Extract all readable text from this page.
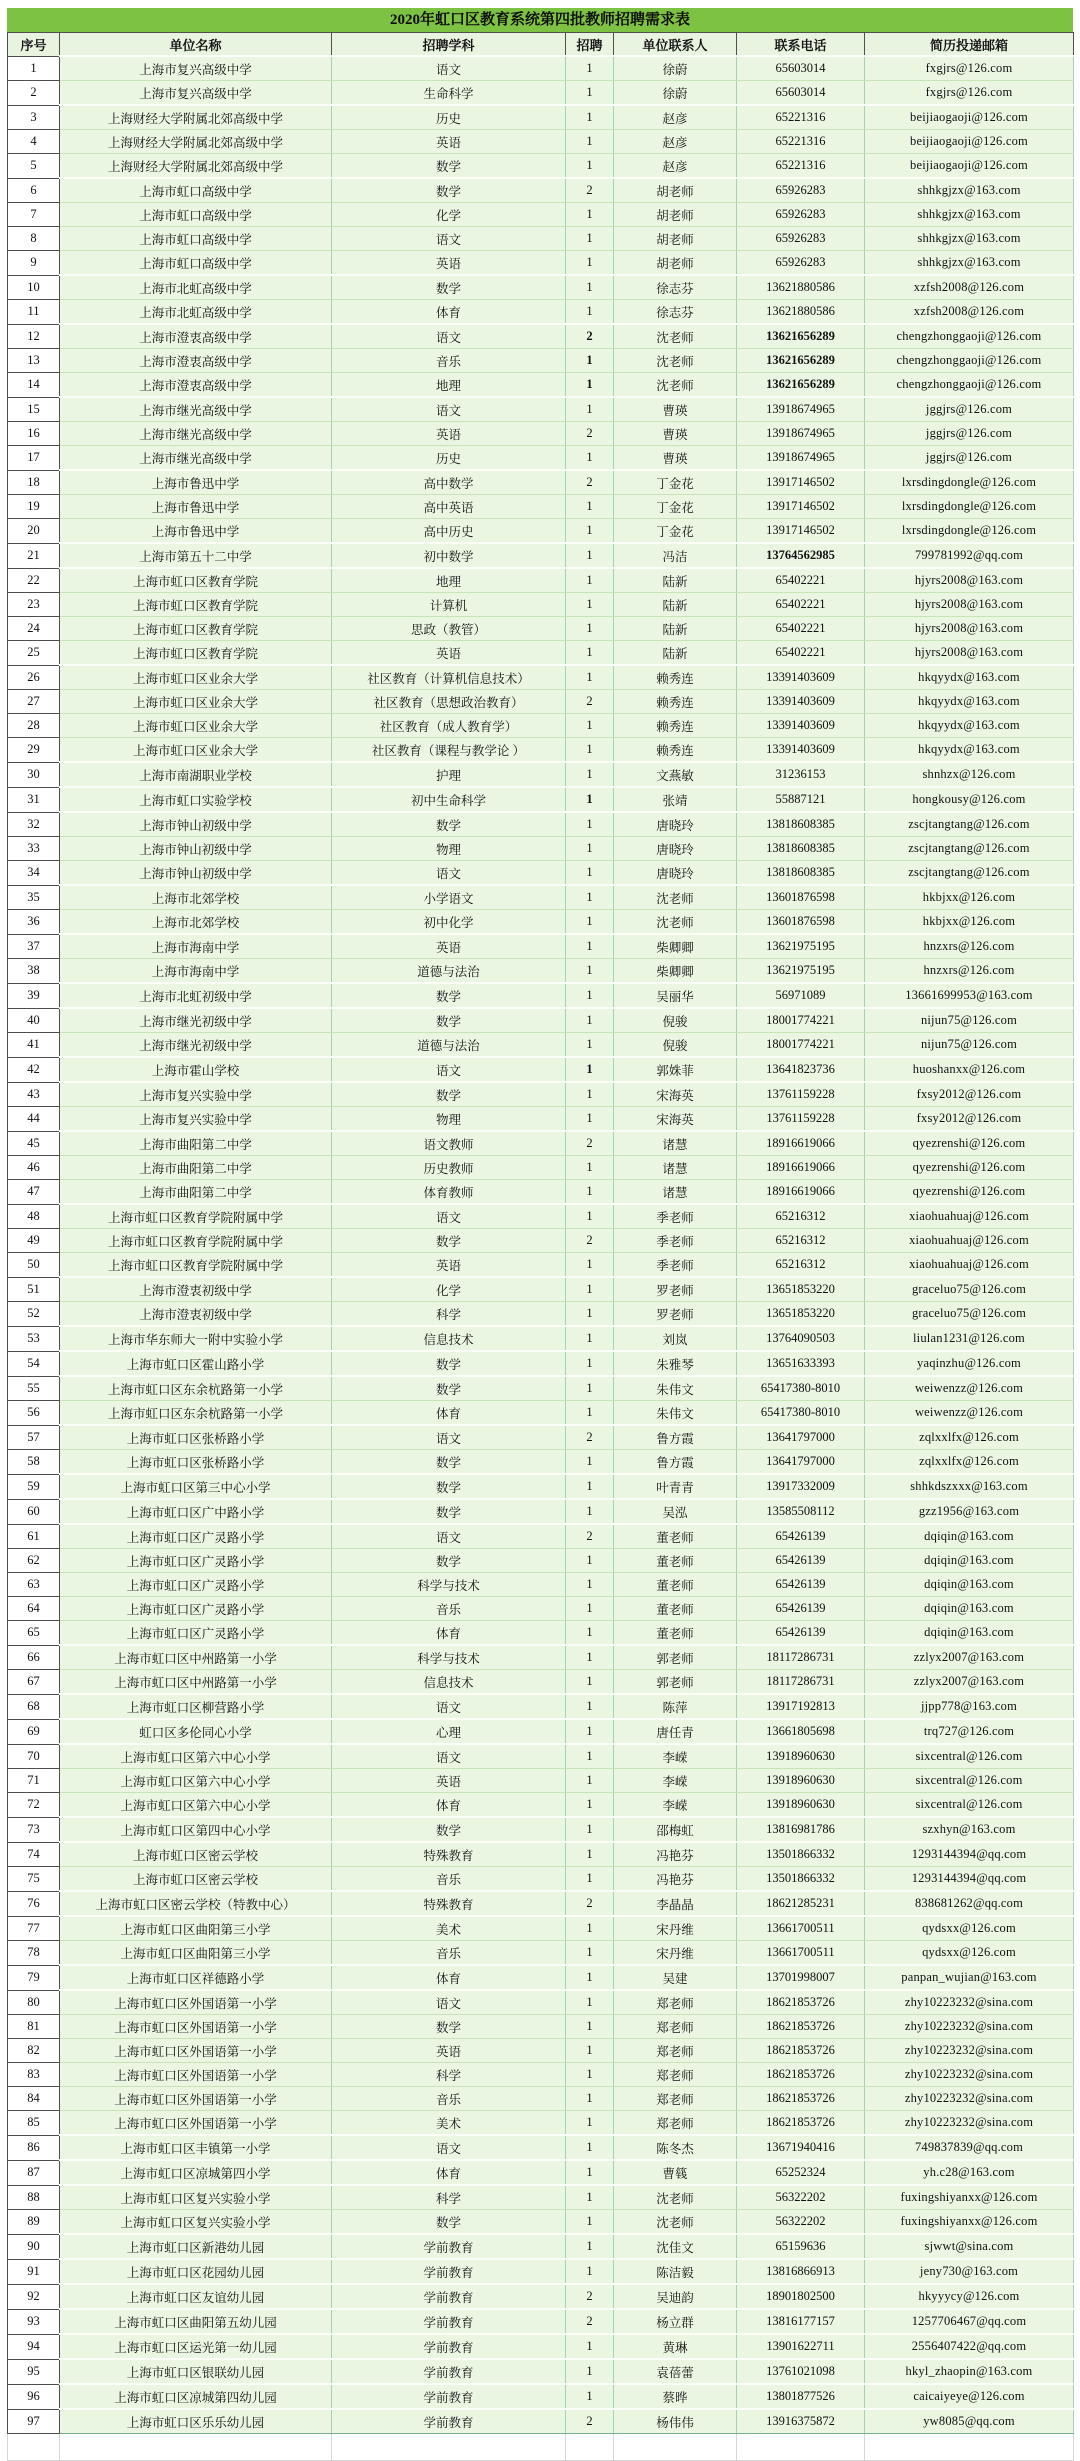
2020年虹口区教育系统第四批教师招聘需求表
序号	单位名称	招聘学科	招聘	单位联系人	联系电话	简历投递邮箱
1	上海市复兴高级中学	语文	1	徐蔚	65603014	fxgjrs@126.com
2	上海市复兴高级中学	生命科学	1	徐蔚	65603014	fxgjrs@126.com
3	上海财经大学附属北郊高级中学	历史	1	赵彦	65221316	beijiaogaoji@126.com
4	上海财经大学附属北郊高级中学	英语	1	赵彦	65221316	beijiaogaoji@126.com
5	上海财经大学附属北郊高级中学	数学	1	赵彦	65221316	beijiaogaoji@126.com
6	上海市虹口高级中学	数学	2	胡老师	65926283	shhkgjzx@163.com
7	上海市虹口高级中学	化学	1	胡老师	65926283	shhkgjzx@163.com
8	上海市虹口高级中学	语文	1	胡老师	65926283	shhkgjzx@163.com
9	上海市虹口高级中学	英语	1	胡老师	65926283	shhkgjzx@163.com
10	上海市北虹高级中学	数学	1	徐志芬	13621880586	xzfsh2008@126.com
11	上海市北虹高级中学	体育	1	徐志芬	13621880586	xzfsh2008@126.com
12	上海市澄衷高级中学	语文	2	沈老师	13621656289	chengzhonggaoji@126.com
13	上海市澄衷高级中学	音乐	1	沈老师	13621656289	chengzhonggaoji@126.com
14	上海市澄衷高级中学	地理	1	沈老师	13621656289	chengzhonggaoji@126.com
15	上海市继光高级中学	语文	1	曹瑛	13918674965	jggjrs@126.com
16	上海市继光高级中学	英语	2	曹瑛	13918674965	jggjrs@126.com
17	上海市继光高级中学	历史	1	曹瑛	13918674965	jggjrs@126.com
18	上海市鲁迅中学	高中数学	2	丁金花	13917146502	lxrsdingdongle@126.com
19	上海市鲁迅中学	高中英语	1	丁金花	13917146502	lxrsdingdongle@126.com
20	上海市鲁迅中学	高中历史	1	丁金花	13917146502	lxrsdingdongle@126.com
21	上海市第五十二中学	初中数学	1	冯洁	13764562985	799781992@qq.com
22	上海市虹口区教育学院	地理	1	陆新	65402221	hjyrs2008@163.com
23	上海市虹口区教育学院	计算机	1	陆新	65402221	hjyrs2008@163.com
24	上海市虹口区教育学院	思政（教管）	1	陆新	65402221	hjyrs2008@163.com
25	上海市虹口区教育学院	英语	1	陆新	65402221	hjyrs2008@163.com
26	上海市虹口区业余大学	社区教育（计算机信息技术）	1	赖秀连	13391403609	hkqyydx@163.com
27	上海市虹口区业余大学	社区教育（思想政治教育）	2	赖秀连	13391403609	hkqyydx@163.com
28	上海市虹口区业余大学	社区教育（成人教育学）	1	赖秀连	13391403609	hkqyydx@163.com
29	上海市虹口区业余大学	社区教育（课程与教学论 ）	1	赖秀连	13391403609	hkqyydx@163.com
30	上海市南湖职业学校	护理	1	文燕敏	31236153	shnhzx@126.com
31	上海市虹口实验学校	初中生命科学	1	张靖	55887121	hongkousy@126.com
32	上海市钟山初级中学	数学	1	唐晓玲	13818608385	zscjtangtang@126.com
33	上海市钟山初级中学	物理	1	唐晓玲	13818608385	zscjtangtang@126.com
34	上海市钟山初级中学	语文	1	唐晓玲	13818608385	zscjtangtang@126.com
35	上海市北郊学校	小学语文	1	沈老师	13601876598	hkbjxx@126.com
36	上海市北郊学校	初中化学	1	沈老师	13601876598	hkbjxx@126.com
37	上海市海南中学	英语	1	柴卿卿	13621975195	hnzxrs@126.com
38	上海市海南中学	道德与法治	1	柴卿卿	13621975195	hnzxrs@126.com
39	上海市北虹初级中学	数学	1	吴丽华	56971089	13661699953@163.com
40	上海市继光初级中学	数学	1	倪骏	18001774221	nijun75@126.com
41	上海市继光初级中学	道德与法治	1	倪骏	18001774221	nijun75@126.com
42	上海市霍山学校	语文	1	郭姝菲	13641823736	huoshanxx@126.com
43	上海市复兴实验中学	数学	1	宋海英	13761159228	fxsy2012@126.com
44	上海市复兴实验中学	物理	1	宋海英	13761159228	fxsy2012@126.com
45	上海市曲阳第二中学	语文教师	2	诸慧	18916619066	qyezrenshi@126.com
46	上海市曲阳第二中学	历史教师	1	诸慧	18916619066	qyezrenshi@126.com
47	上海市曲阳第二中学	体育教师	1	诸慧	18916619066	qyezrenshi@126.com
48	上海市虹口区教育学院附属中学	语文	1	季老师	65216312	xiaohuahuaj@126.com
49	上海市虹口区教育学院附属中学	数学	2	季老师	65216312	xiaohuahuaj@126.com
50	上海市虹口区教育学院附属中学	英语	1	季老师	65216312	xiaohuahuaj@126.com
51	上海市澄衷初级中学	化学	1	罗老师	13651853220	graceluo75@126.com
52	上海市澄衷初级中学	科学	1	罗老师	13651853220	graceluo75@126.com
53	上海市华东师大一附中实验小学	信息技术	1	刘岚	13764090503	liulan1231@126.com
54	上海市虹口区霍山路小学	数学	1	朱雅琴	13651633393	yaqinzhu@126.com
55	上海市虹口区东余杭路第一小学	数学	1	朱伟文	65417380-8010	weiwenzz@126.com
56	上海市虹口区东余杭路第一小学	体育	1	朱伟文	65417380-8010	weiwenzz@126.com
57	上海市虹口区张桥路小学	语文	2	鲁方霞	13641797000	zqlxxlfx@126.com
58	上海市虹口区张桥路小学	数学	1	鲁方霞	13641797000	zqlxxlfx@126.com
59	上海市虹口区第三中心小学	数学	1	叶青青	13917332009	shhkdszxxx@163.com
60	上海市虹口区广中路小学	数学	1	吴泓	13585508112	gzz1956@163.com
61	上海市虹口区广灵路小学	语文	2	董老师	65426139	dqiqin@163.com
62	上海市虹口区广灵路小学	数学	1	董老师	65426139	dqiqin@163.com
63	上海市虹口区广灵路小学	科学与技术	1	董老师	65426139	dqiqin@163.com
64	上海市虹口区广灵路小学	音乐	1	董老师	65426139	dqiqin@163.com
65	上海市虹口区广灵路小学	体育	1	董老师	65426139	dqiqin@163.com
66	上海市虹口区中州路第一小学	科学与技术	1	郭老师	18117286731	zzlyx2007@163.com
67	上海市虹口区中州路第一小学	信息技术	1	郭老师	18117286731	zzlyx2007@163.com
68	上海市虹口区柳营路小学	语文	1	陈萍	13917192813	jjpp778@163.com
69	虹口区多伦同心小学	心理	1	唐任青	13661805698	trq727@126.com
70	上海市虹口区第六中心小学	语文	1	李嵘	13918960630	sixcentral@126.com
71	上海市虹口区第六中心小学	英语	1	李嵘	13918960630	sixcentral@126.com
72	上海市虹口区第六中心小学	体育	1	李嵘	13918960630	sixcentral@126.com
73	上海市虹口区第四中心小学	数学	1	邵梅虹	13816981786	szxhyn@163.com
74	上海市虹口区密云学校	特殊教育	1	冯艳芬	13501866332	1293144394@qq.com
75	上海市虹口区密云学校	音乐	1	冯艳芬	13501866332	1293144394@qq.com
76	上海市虹口区密云学校（特教中心）	特殊教育	2	李晶晶	18621285231	838681262@qq.com
77	上海市虹口区曲阳第三小学	美术	1	宋丹维	13661700511	qydsxx@126.com
78	上海市虹口区曲阳第三小学	音乐	1	宋丹维	13661700511	qydsxx@126.com
79	上海市虹口区祥德路小学	体育	1	吴建	13701998007	panpan_wujian@163.com
80	上海市虹口区外国语第一小学	语文	1	郑老师	18621853726	zhy10223232@sina.com
81	上海市虹口区外国语第一小学	数学	1	郑老师	18621853726	zhy10223232@sina.com
82	上海市虹口区外国语第一小学	英语	1	郑老师	18621853726	zhy10223232@sina.com
83	上海市虹口区外国语第一小学	科学	1	郑老师	18621853726	zhy10223232@sina.com
84	上海市虹口区外国语第一小学	音乐	1	郑老师	18621853726	zhy10223232@sina.com
85	上海市虹口区外国语第一小学	美术	1	郑老师	18621853726	zhy10223232@sina.com
86	上海市虹口区丰镇第一小学	语文	1	陈冬杰	13671940416	749837839@qq.com
87	上海市虹口区凉城第四小学	体育	1	曹篯	65252324	yh.c28@163.com
88	上海市虹口区复兴实验小学	科学	1	沈老师	56322202	fuxingshiyanxx@126.com
89	上海市虹口区复兴实验小学	数学	1	沈老师	56322202	fuxingshiyanxx@126.com
90	上海市虹口区新港幼儿园	学前教育	1	沈佳文	65159636	sjwwt@sina.com
91	上海市虹口区花园幼儿园	学前教育	1	陈洁毅	13816866913	jeny730@163.com
92	上海市虹口区友谊幼儿园	学前教育	2	吴迪韵	18901802500	hkyyycy@126.com
93	上海市虹口区曲阳第五幼儿园	学前教育	2	杨立群	13816177157	1257706467@qq.com
94	上海市虹口区运光第一幼儿园	学前教育	1	黄琳	13901622711	2556407422@qq.com
95	上海市虹口区银联幼儿园	学前教育	1	袁蓓蕾	13761021098	hkyl_zhaopin@163.com
96	上海市虹口区凉城第四幼儿园	学前教育	1	蔡晔	13801877526	caicaiyeye@126.com
97	上海市虹口区乐乐幼儿园	学前教育	2	杨伟伟	13916375872	yw8085@qq.com
